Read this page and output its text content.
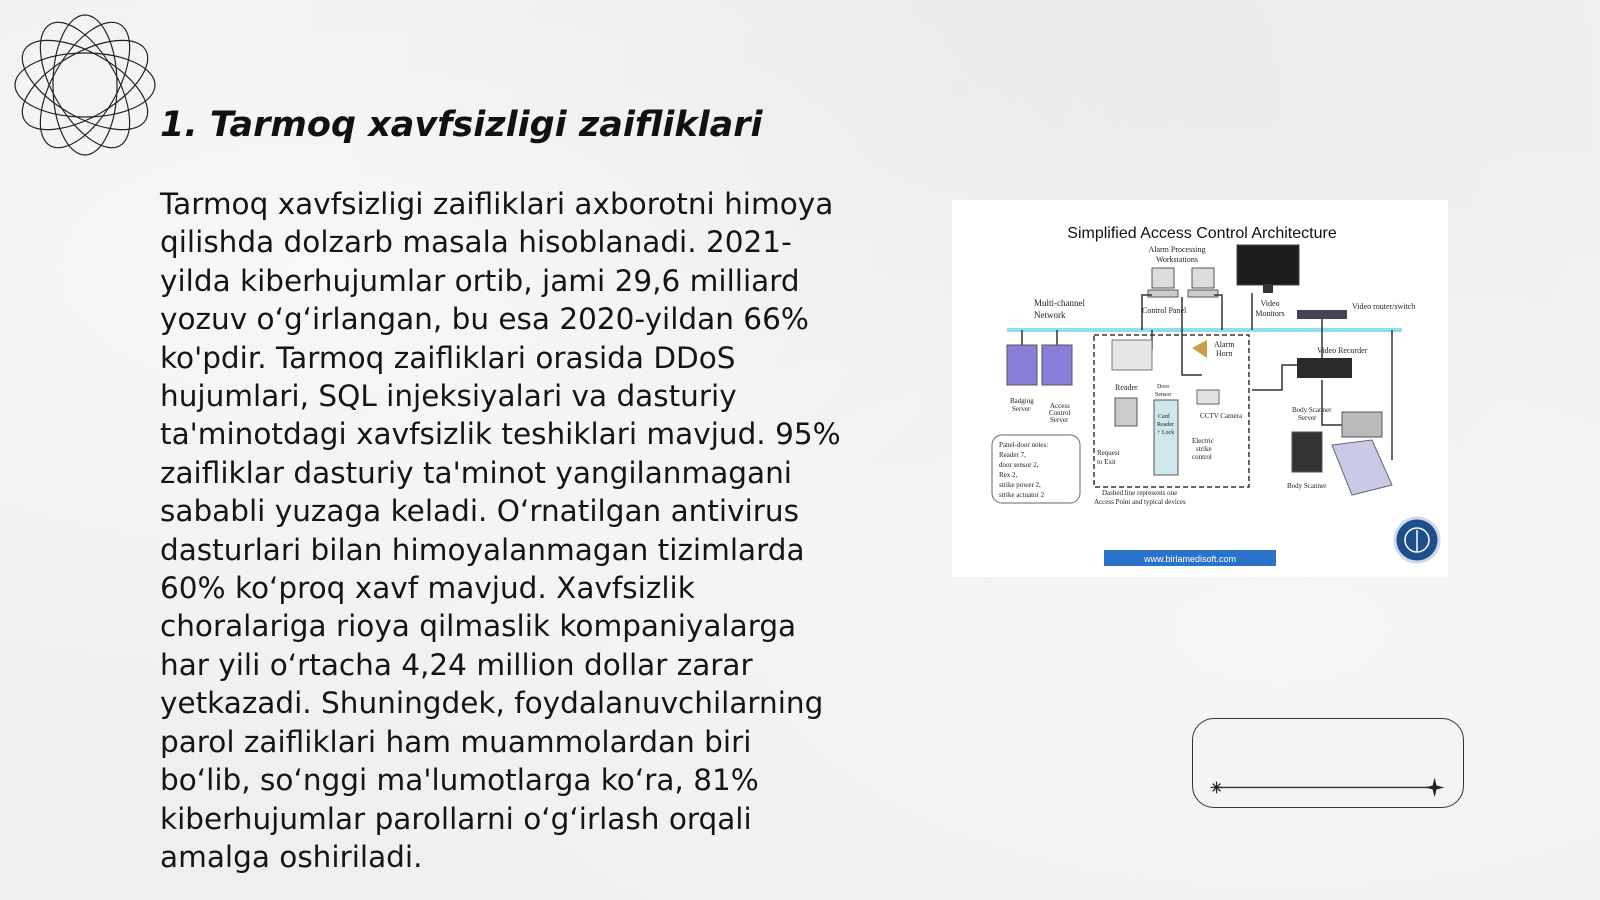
1. Tarmoq xavfsizligi zaifliklari

Tarmoq xavfsizligi zaifliklari axborotni himoya qilishda dolzarb masala hisoblanadi. 2021-yilda kiberhujumlar ortib, jami 29,6 milliard yozuv o‘g‘irlangan, bu esa 2020-yildan 66% ko'pdir. Tarmoq zaifliklari orasida DDoS hujumlari, SQL injeksiyalari va dasturiy ta'minotdagi xavfsizlik teshiklari mavjud. 95% zaifliklar dasturiy ta'minot yangilanmagani sababli yuzaga keladi. O‘rnatilgan antivirus dasturlari bilan himoyalanmagan tizimlarda 60% ko‘proq xavf mavjud. Xavfsizlik choralariga rioya qilmaslik kompaniyalarga har yili o‘rtacha 4,24 million dollar zarar yetkazadi. Shuningdek, foydalanuvchilarning parol zaifliklari ham muammolardan biri bo‘lib, so‘nggi ma'lumotlarga ko‘ra, 81% kiberhujumlar parollarni o‘g‘irlash orqali amalga oshiriladi.

Simplified Access Control Architecture
Multi-channel
Network
Alarm Processing
Workstations
Video
Monitors
Video router/switch
Badging
Server	Access
Control
Server
Control Panel
Alarm
Horn
Reader	Door
Sensor
Card
Reader
+ Lock
CCTV Camera
Electric
strike
control
Request
to Exit
Dashed line represents one
Access Point and typical devices
Panel-door notes:
Reader 7,
door sensor 2,
Rex 2,
strike power 2,
strike actuator 2
Video Recorder
Body Scanner
Server
Body Scanner
www.birlamedisoft.com
